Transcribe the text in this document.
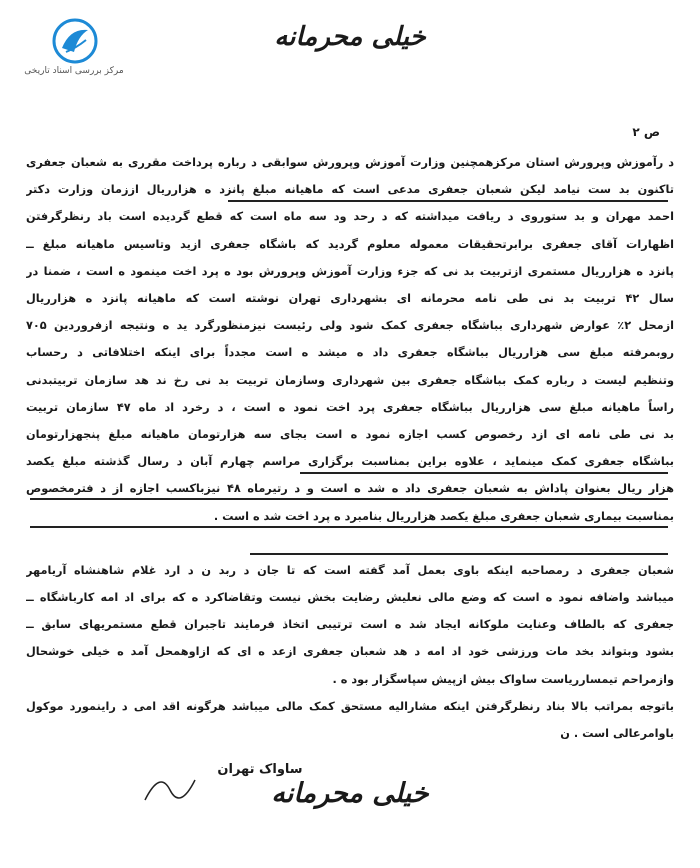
مرکز بررسی اسناد تاریخی
خیلی محرمانه
ص ۲
د رآموزش وپرورش استان مرکزهمچنین وزارت آموزش وپرورش سوابقی د رباره پرداخت مقرری به شعبان جعفری
تاکنون بد ست نیامد لیکن شعبان جعفری مدعی است که ماهیانه مبلغ پانزد ه هزارریال اززمان وزارت دکتر
احمد مهران و بد ستوروی د ریافت میداشته که د رحد ود سه ماه است که قطع گردیده است باد رنظرگرفتن
اظهارات آقای جعفری برابرتحقیقات معموله معلوم گردید که باشگاه جعفری ازید وتاسیس ماهیانه مبلغ ــ
پانزد ه هزارریال مستمری ازتربیت بد نی که جزء وزارت آموزش وپرورش بود ه پرد اخت مینمود ه است ، ضمنا در
سال ۴۲ تربیت بد نی طی نامه محرمانه ای بشهرداری تهران نوشته است که ماهیانه پانزد ه هزارریال
ازمحل ۲٪ عوارض شهرداری بباشگاه جعفری کمک شود ولی رئیست نیزمنظورگرد ید ه ونتیجه ازفروردین ۷۰۵
روبمرفته مبلغ سی هزارریال بباشگاه جعفری داد ه میشد ه است مجدداً برای اینکه اختلافاتی د رحساب
وتنظیم لیست د رباره کمک بباشگاه جعفری بین شهرداری وسازمان تربیت بد نی رخ ند هد سازمان تربیتبدنی
راساً ماهیانه مبلغ سی هزارریال بباشگاه جعفری پرد اخت نمود ه است ، د رخرد اد ماه ۴۷ سازمان تربیت
بد نی طی نامه ای ازد رخصوص کسب اجازه نمود ه است بجای سه هزارتومان ماهیانه مبلغ پنجهزارتومان
بباشگاه جعفری کمک مینماید ، علاوه براین بمناسبت برگزاری مراسم چهارم آبان د رسال گذشته مبلغ یکصد
هزار ریال بعنوان پاداش به شعبان جعفری داد ه شد ه است و د رتیرماه ۴۸ نیزباکسب اجازه از د فترمخصوص
بمناسبت بیماری شعبان جعفری مبلغ یکصد هزارریال بنامبرد ه پرد اخت شد ه است .
شعبان جعفری د رمصاحبه اینکه باوی بعمل آمد گفته است که تا جان د ربد ن د ارد غلام شاهنشاه آریامهر
میباشد واضافه نمود ه است که وضع مالی نعلیش رضایت بخش نیست وتقاضاکرد ه که برای اد امه کارباشگاه ــ
جعفری که بالطاف وعنایت ملوکانه ایجاد شد ه است ترتیبی اتخاذ فرمایند تاجبران قطع مستمریهای سابق ــ
بشود وبتواند بخد مات ورزشی خود اد امه د هد شعبان جعفری ازعد ه ای که ازاوهمحل آمد ه خیلی خوشحال
وازمراحم تیمسارریاست ساواک بیش ازپیش سپاسگزار بود ه .
باتوجه بمراتب بالا بناد رنظرگرفتن اینکه مشارالیه مستحق کمک مالی میباشد هرگونه اقد امی د راینمورد موکول
باوامرعالی است . ن
ساواک تهران
خیلی محرمانه
